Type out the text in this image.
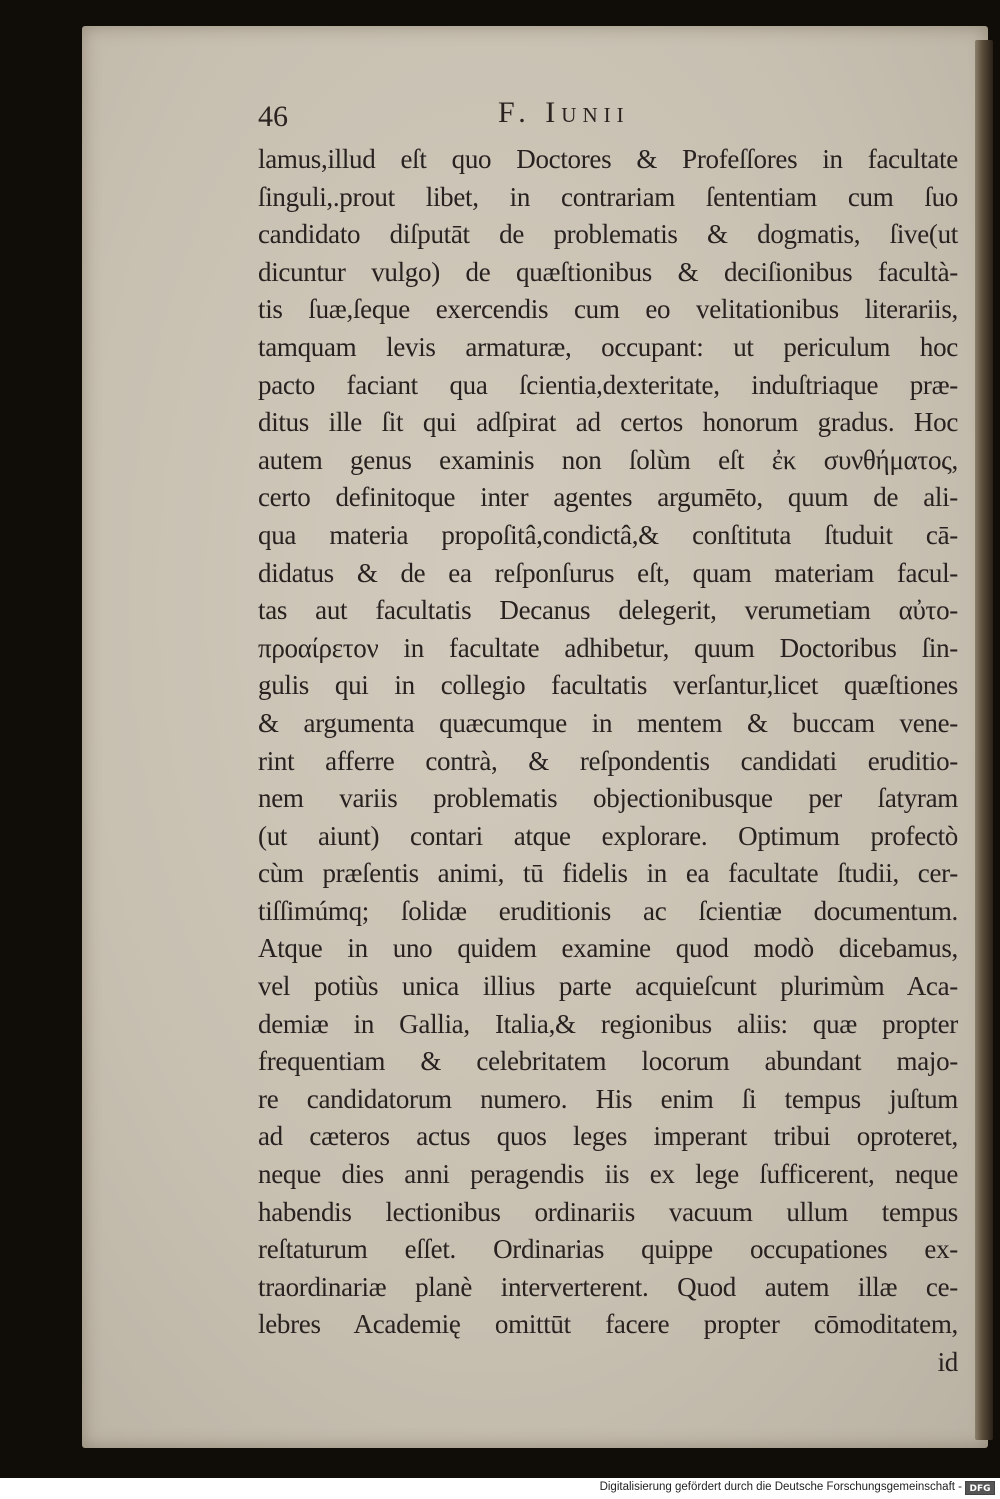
46	F. Iunii
lamus,illud eſt quo Doctores & Profeſſores in facultate
ſinguli,.prout libet, in contrariam ſententiam cum ſuo
candidato diſputāt de problematis & dogmatis, ſive(ut
dicuntur vulgo) de quæſtionibus & deciſionibus facultà-
tis ſuæ,ſeque exercendis cum eo velitationibus literariis,
tamquam levis armaturæ, occupant: ut periculum hoc
pacto faciant qua ſcientia,dexteritate, induſtriaque præ-
ditus ille ſit qui adſpirat ad certos honorum gradus. Hoc
autem genus examinis non ſolùm eſt ἐκ συνθήματος,
certo definitoque inter agentes argumēto, quum de ali-
qua materia propoſitâ,condictâ,& conſtituta ſtuduit cā-
didatus & de ea reſponſurus eſt, quam materiam facul-
tas aut facultatis Decanus delegerit, verumetiam αὐτο-
προαίρετον in facultate adhibetur, quum Doctoribus ſin-
gulis qui in collegio facultatis verſantur,licet quæſtiones
& argumenta quæcumque in mentem & buccam vene-
rint afferre contrà, & reſpondentis candidati eruditio-
nem variis problematis objectionibusque per ſatyram
(ut aiunt) contari atque explorare. Optimum profectò
cùm præſentis animi, tū fidelis in ea facultate ſtudii, cer-
tiſſimúmq; ſolidæ eruditionis ac ſcientiæ documentum.
Atque in uno quidem examine quod modò dicebamus,
vel potiùs unica illius parte acquieſcunt plurimùm Aca-
demiæ in Gallia, Italia,& regionibus aliis: quæ propter
frequentiam & celebritatem locorum abundant majo-
re candidatorum numero. His enim ſi tempus juſtum
ad cæteros actus quos leges imperant tribui oproteret,
neque dies anni peragendis iis ex lege ſufficerent, neque
habendis lectionibus ordinariis vacuum ullum tempus
reſtaturum eſſet. Ordinarias quippe occupationes ex-
traordinariæ planè interverterent. Quod autem illæ ce-
lebres Academię omittūt facere propter cōmoditatem,
id
Digitalisierung gefördert durch die Deutsche Forschungsgemeinschaft - DFG
